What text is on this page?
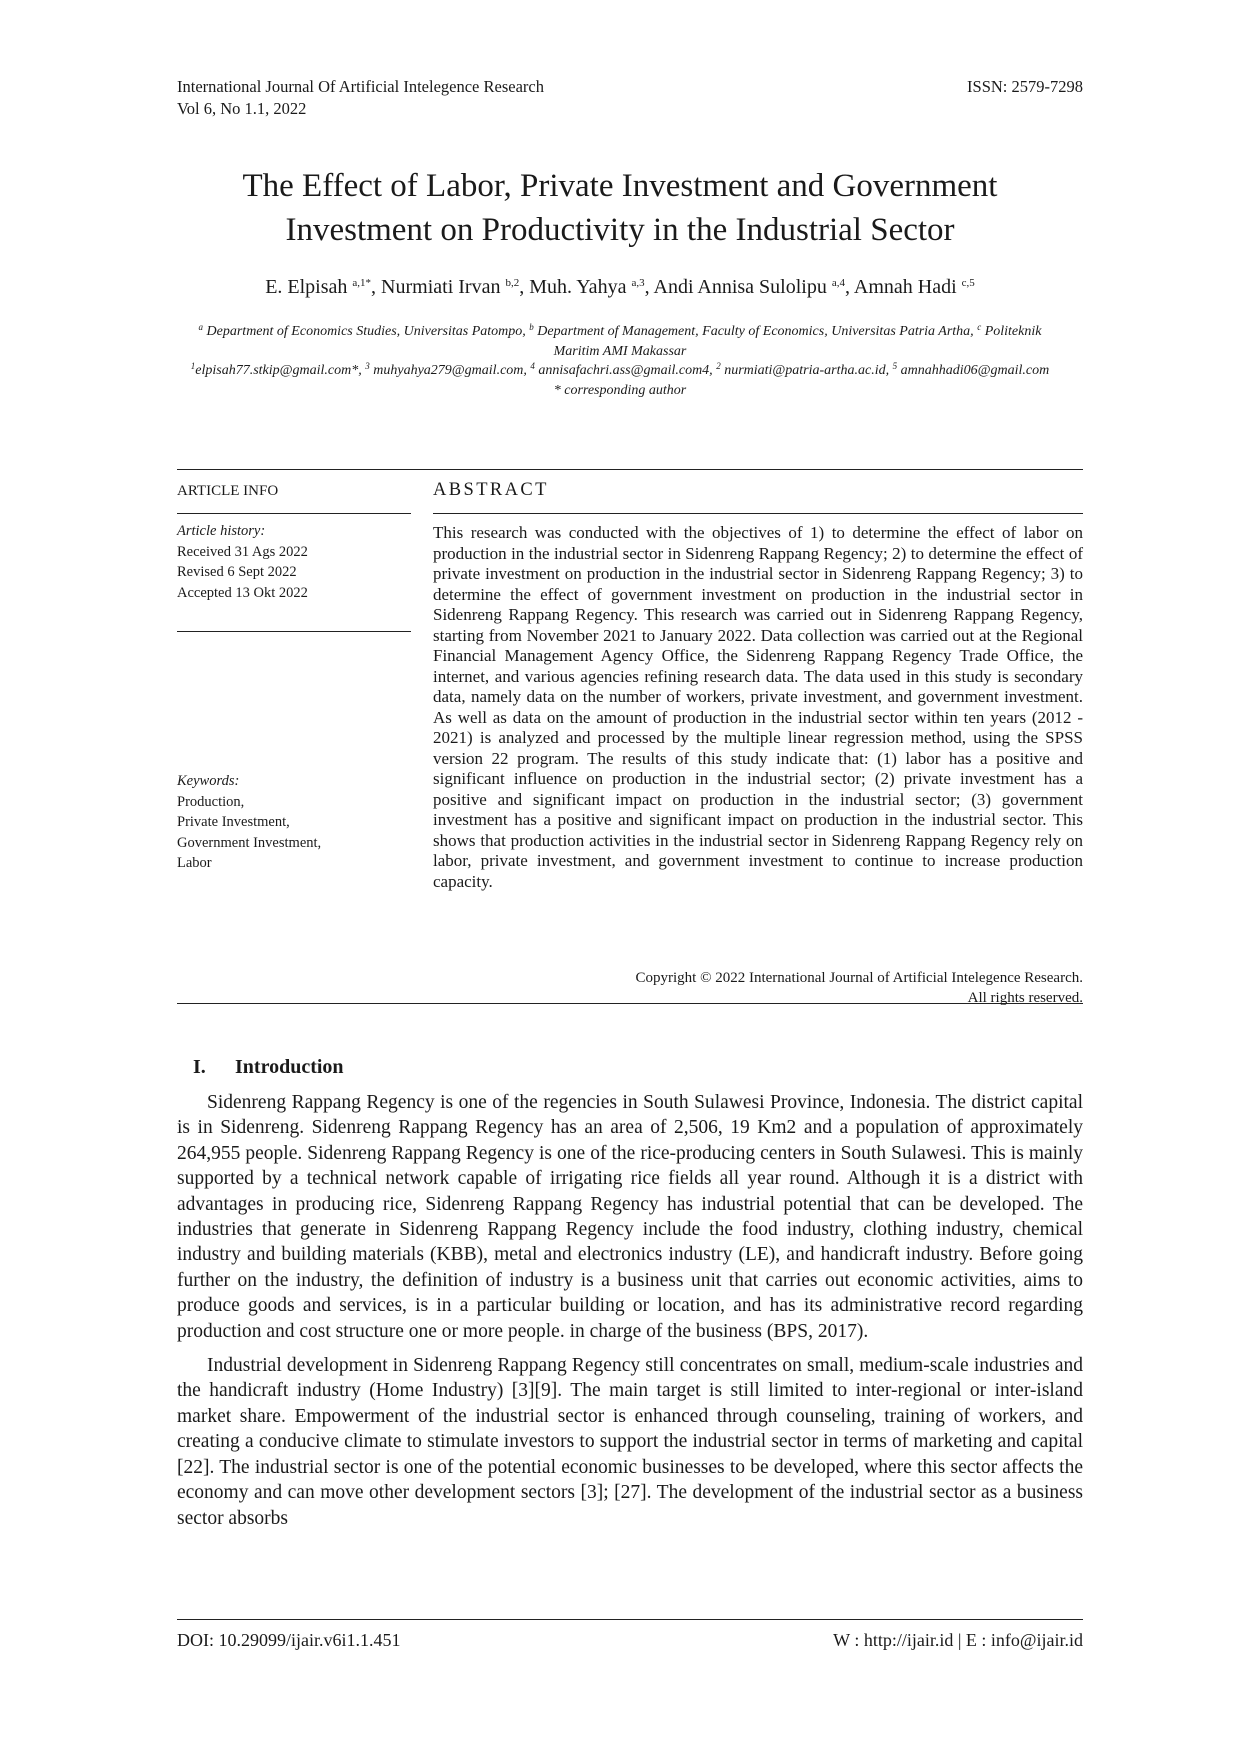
International Journal Of Artificial Intelegence Research
Vol 6, No 1.1, 2022
ISSN: 2579-7298
The Effect of Labor, Private Investment and Government
Investment on Productivity in the Industrial Sector
E. Elpisah $^{a,1*}$, Nurmiati Irvan $^{b,2}$, Muh. Yahya $^{a,3}$, Andi Annisa Sulolipu $^{a,4}$, Amnah Hadi $^{c,5}$
$^a$ Department of Economics Studies, Universitas Patompo, $^b$ Department of Management, Faculty of Economics, Universitas Patria Artha, $^c$ Politeknik Maritim AMI Makassar
$^1$elpisah77.stkip@gmail.com*, $^3$ muhyahya279@gmail.com, $^4$ annisafachri.ass@gmail.com4, $^2$ nurmiati@patria-artha.ac.id, $^5$ amnahhadi06@gmail.com
* corresponding author
ARTICLE INFO
Article history:
Received 31 Ags 2022
Revised 6 Sept 2022
Accepted 13 Okt 2022
Keywords:
Production,
Private Investment,
Government Investment,
Labor
ABSTRACT
This research was conducted with the objectives of 1) to determine the effect of labor on production in the industrial sector in Sidenreng Rappang Regency; 2) to determine the effect of private investment on production in the industrial sector in Sidenreng Rappang Regency; 3) to determine the effect of government investment on production in the industrial sector in Sidenreng Rappang Regency. This research was carried out in Sidenreng Rappang Regency, starting from November 2021 to January 2022. Data collection was carried out at the Regional Financial Management Agency Office, the Sidenreng Rappang Regency Trade Office, the internet, and various agencies refining research data. The data used in this study is secondary data, namely data on the number of workers, private investment, and government investment. As well as data on the amount of production in the industrial sector within ten years (2012 - 2021) is analyzed and processed by the multiple linear regression method, using the SPSS version 22 program. The results of this study indicate that: (1) labor has a positive and significant influence on production in the industrial sector; (2) private investment has a positive and significant impact on production in the industrial sector; (3) government investment has a positive and significant impact on production in the industrial sector. This shows that production activities in the industrial sector in Sidenreng Rappang Regency rely on labor, private investment, and government investment to continue to increase production capacity.
Copyright © 2022 International Journal of Artificial Intelegence Research.
All rights reserved.
I. Introduction

Sidenreng Rappang Regency is one of the regencies in South Sulawesi Province, Indonesia. The district capital is in Sidenreng. Sidenreng Rappang Regency has an area of 2,506, 19 Km2 and a population of approximately 264,955 people. Sidenreng Rappang Regency is one of the rice-producing centers in South Sulawesi. This is mainly supported by a technical network capable of irrigating rice fields all year round. Although it is a district with advantages in producing rice, Sidenreng Rappang Regency has industrial potential that can be developed. The industries that generate in Sidenreng Rappang Regency include the food industry, clothing industry, chemical industry and building materials (KBB), metal and electronics industry (LE), and handicraft industry. Before going further on the industry, the definition of industry is a business unit that carries out economic activities, aims to produce goods and services, is in a particular building or location, and has its administrative record regarding production and cost structure one or more people. in charge of the business (BPS, 2017).

Industrial development in Sidenreng Rappang Regency still concentrates on small, medium-scale industries and the handicraft industry (Home Industry) [3][9]. The main target is still limited to inter-regional or inter-island market share. Empowerment of the industrial sector is enhanced through counseling, training of workers, and creating a conducive climate to stimulate investors to support the industrial sector in terms of marketing and capital [22]. The industrial sector is one of the potential economic businesses to be developed, where this sector affects the economy and can move other development sectors [3]; [27]. The development of the industrial sector as a business sector absorbs

DOI: 10.29099/ijair.v6i1.1.451	W : http://ijair.id | E : info@ijair.id
